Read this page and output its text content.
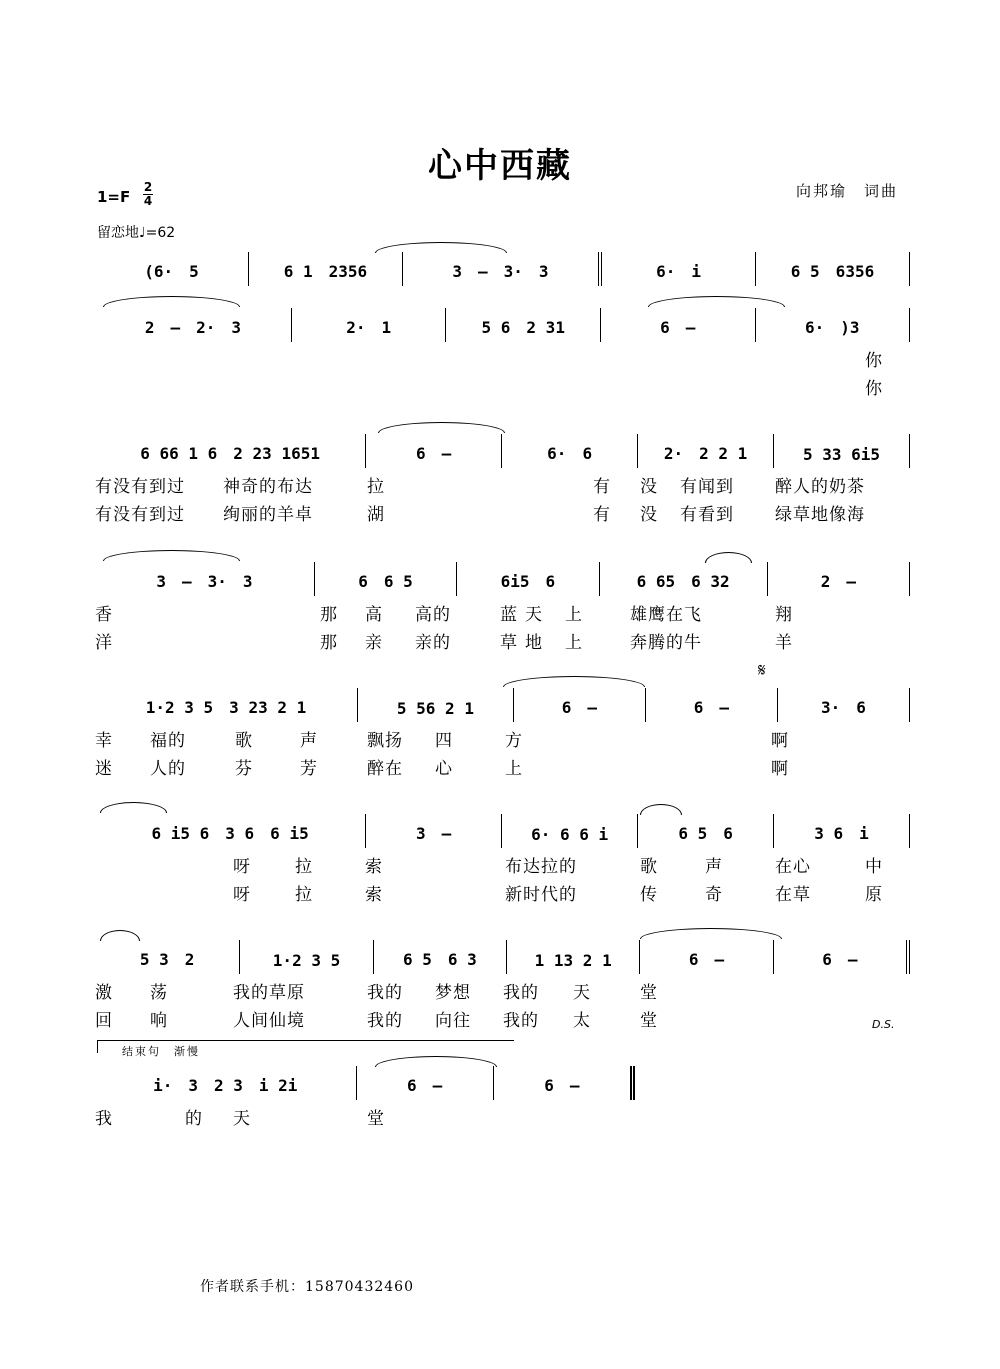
心中西藏
向邦瑜　词曲
1=F
2
4
留恋地♩=62
(6·　5	6 1　2356	3　–　3·　3	6·　i	6 5　6356
2　–　2·　3	2·　1	5 6　2 31	6　–	6·　)3
你
你
6 66 1 6　2 23 1651	6　–	6·　6	2·　2 2 1	5 33 6i5
有没有到过 神奇的布达	拉	有 没 有闻到 醉人的奶茶
有没有到过 绚丽的羊卓	湖	有 没 有看到 绿草地像海
3　–　3·　3	6　6 5	6i5　6	6 65　6 32	2　–
香	那 高 高的	蓝 天 上	雄鹰在飞	翔
洋	那 亲 亲的	草 地 上	奔腾的牛	羊
𝄋
1·2 3 5　3 23 2 1	5 56 2 1	6　–	6　–	3·　6
幸 福的	歌	声	飘扬 四	方	啊
迷 人的	芬	芳	醉在 心	上	啊
6 i5 6　3 6　6 i5	3　–	6· 6 6 i	6 5　6	3 6　i
呀	拉	索	布达拉的	歌	声	在心	中
呀	拉	索	新时代的	传	奇	在草	原
5 3　2	1·2 3 5	6 5　6 3	1 13 2 1	6　–	6　–
激 荡	我的草原	我的 梦想 我的 天	堂
回 响	人间仙境	我的 向往 我的 太	堂	D.S.
结束句　渐慢
i·　3　2 3　i 2i	6　–	6　–
我	的 天	堂
作者联系手机：15870432460
